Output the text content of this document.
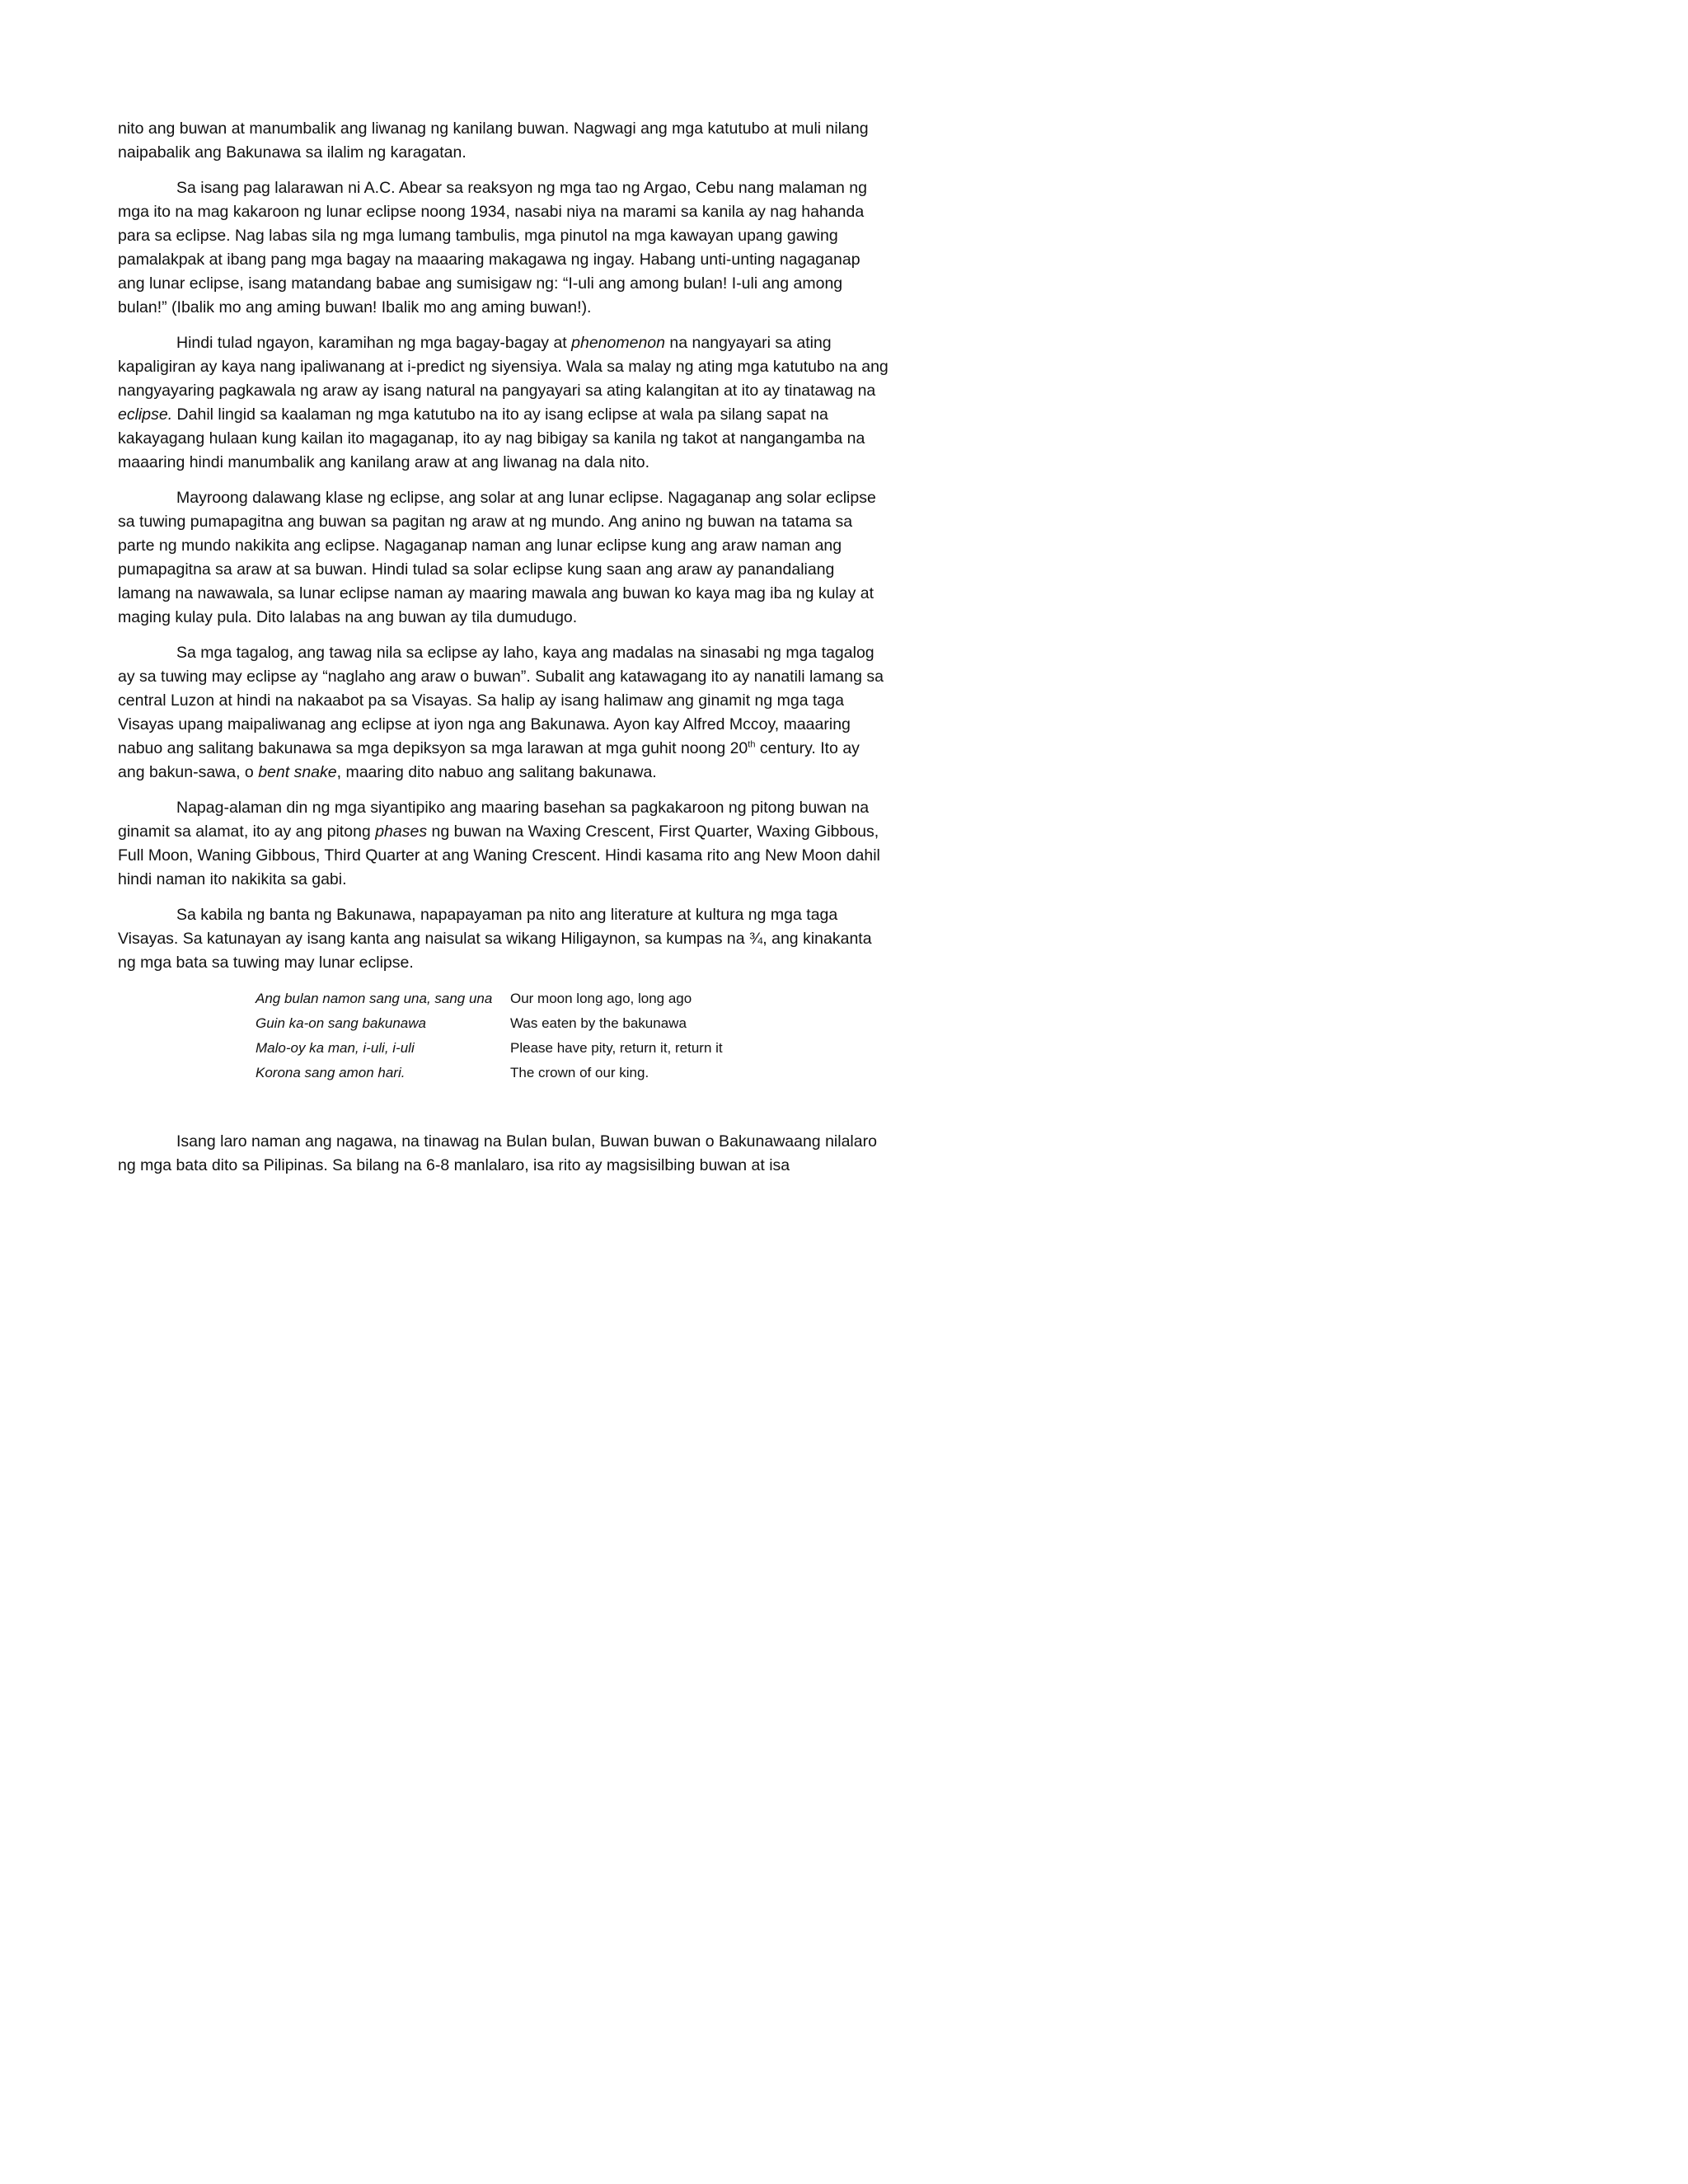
nito ang buwan at manumbalik ang liwanag ng kanilang buwan. Nagwagi ang mga katutubo at muli nilang naipabalik ang Bakunawa sa ilalim ng karagatan.

Sa isang pag lalarawan ni A.C. Abear sa reaksyon ng mga tao ng Argao, Cebu nang malaman ng mga ito na mag kakaroon ng lunar eclipse noong 1934, nasabi niya na marami sa kanila ay nag hahanda para sa eclipse. Nag labas sila ng mga lumang tambulis, mga pinutol na mga kawayan upang gawing pamalakpak at ibang pang mga bagay na maaaring makagawa ng ingay. Habang unti-unting nagaganap ang lunar eclipse, isang matandang babae ang sumisigaw ng: “I-uli ang among bulan! I-uli ang among bulan!” (Ibalik mo ang aming buwan! Ibalik mo ang aming buwan!).

Hindi tulad ngayon, karamihan ng mga bagay-bagay at phenomenon na nangyayari sa ating kapaligiran ay kaya nang ipaliwanang at i-predict ng siyensiya. Wala sa malay ng ating mga katutubo na ang nangyayaring pagkawala ng araw ay isang natural na pangyayari sa ating kalangitan at ito ay tinatawag na eclipse. Dahil lingid sa kaalaman ng mga katutubo na ito ay isang eclipse at wala pa silang sapat na kakayagang hulaan kung kailan ito magaganap, ito ay nag bibigay sa kanila ng takot at nangangamba na maaaring hindi manumbalik ang kanilang araw at ang liwanag na dala nito.

Mayroong dalawang klase ng eclipse, ang solar at ang lunar eclipse. Nagaganap ang solar eclipse sa tuwing pumapagitna ang buwan sa pagitan ng araw at ng mundo. Ang anino ng buwan na tatama sa parte ng mundo nakikita ang eclipse. Nagaganap naman ang lunar eclipse kung ang araw naman ang pumapagitna sa araw at sa buwan. Hindi tulad sa solar eclipse kung saan ang araw ay panandaliang lamang na nawawala, sa lunar eclipse naman ay maaring mawala ang buwan ko kaya mag iba ng kulay at maging kulay pula. Dito lalabas na ang buwan ay tila dumudugo.

Sa mga tagalog, ang tawag nila sa eclipse ay laho, kaya ang madalas na sinasabi ng mga tagalog ay sa tuwing may eclipse ay “naglaho ang araw o buwan”. Subalit ang katawagang ito ay nanatili lamang sa central Luzon at hindi na nakaabot pa sa Visayas. Sa halip ay isang halimaw ang ginamit ng mga taga Visayas upang maipaliwanag ang eclipse at iyon nga ang Bakunawa. Ayon kay Alfred Mccoy, maaaring nabuo ang salitang bakunawa sa mga depiksyon sa mga larawan at mga guhit noong 20th century. Ito ay ang bakun-sawa, o bent snake, maaring dito nabuo ang salitang bakunawa.

Napag-alaman din ng mga siyantipiko ang maaring basehan sa pagkakaroon ng pitong buwan na ginamit sa alamat, ito ay ang pitong phases ng buwan na Waxing Crescent, First Quarter, Waxing Gibbous, Full Moon, Waning Gibbous, Third Quarter at ang Waning Crescent. Hindi kasama rito ang New Moon dahil hindi naman ito nakikita sa gabi.

Sa kabila ng banta ng Bakunawa, napapayaman pa nito ang literature at kultura ng mga taga Visayas. Sa katunayan ay isang kanta ang naisulat sa wikang Hiligaynon, sa kumpas na ¾, ang kinakanta ng mga bata sa tuwing may lunar eclipse.

Ang bulan namon sang una, sang una	Our moon long ago, long ago
Guin ka-on sang bakunawa	Was eaten by the bakunawa
Malo-oy ka man, i-uli, i-uli	Please have pity, return it, return it
Korona sang amon hari.	The crown of our king.

Isang laro naman ang nagawa, na tinawag na Bulan bulan, Buwan buwan o Bakunawaang nilalaro ng mga bata dito sa Pilipinas. Sa bilang na 6-8 manlalaro, isa rito ay magsisilbing buwan at isa
